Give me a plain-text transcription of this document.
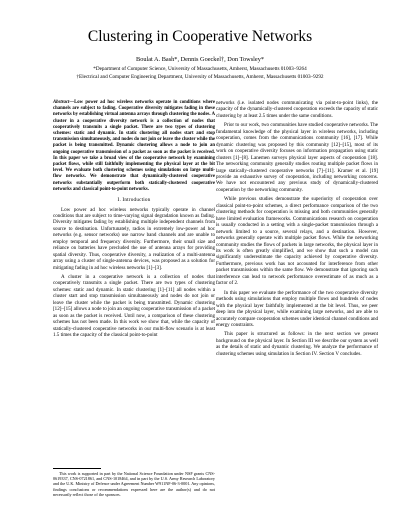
Clustering in Cooperative Networks
Boulat A. Bash*, Dennis Goeckel†, Don Towsley*
*Department of Computer Science, University of Massachusetts, Amherst, Massachusetts 01003–9264
†Electrical and Computer Engineering Department, University of Massachusetts, Amherst, Massachusetts 01003–9292
Abstract—Low power ad hoc wireless networks operate in conditions where channels are subject to fading. Cooperative diversity mitigates fading in these networks by establishing virtual antenna arrays through clustering the nodes. A cluster in a cooperative diversity network is a collection of nodes that cooperatively transmits a single packet. There are two types of clustering schemes: static and dynamic. In static clustering all nodes start and stop transmission simultaneously, and nodes do not join or leave the cluster while the packet is being transmitted. Dynamic clustering allows a node to join an ongoing cooperative transmission of a packet as soon as the packet is received. In this paper we take a broad view of the cooperative network by examining packet flows, while still faithfully implementing the physical layer at the bit level. We evaluate both clustering schemes using simulations on large multi-flow networks. We demonstrate that dynamically-clustered cooperative networks substantially outperform both statically-clustered cooperative networks and classical point-to-point networks.
I. Introduction

Low power ad hoc wireless networks typically operate in channel conditions that are subject to time-varying signal degradation known as fading. Diversity mitigates fading by establishing multiple independent channels from source to destination. Unfortunately, radios in extremely low-power ad hoc networks (e.g. sensor networks) use narrow band channels and are unable to employ temporal and frequency diversity. Furthermore, their small size and reliance on batteries have precluded the use of antenna arrays for providing spatial diversity. Thus, cooperative diversity, a realization of a multi-antenna array using a cluster of single-antenna devices, was proposed as a solution for mitigating fading in ad hoc wireless networks [1]–[3].

A cluster in a cooperative network is a collection of nodes that cooperatively transmits a single packet. There are two types of clustering schemes: static and dynamic. In static clustering [1]–[11] all nodes within a cluster start and stop transmission simultaneously and nodes do not join or leave the cluster while the packet is being transmitted. Dynamic clustering [12]–[15] allows a node to join an ongoing cooperative transmission of a packet as soon as the packet is received. Until now, a comparison of these clustering schemes has not been made. In this work we show that, while the capacity of statically-clustered cooperative networks in our multi-flow scenario is at least 1.5 times the capacity of the classical point-to-point

networks (i.e. isolated nodes communicating via point-to-point links), the capacity of the dynamically-clustered cooperation exceeds the capacity of static clustering by at least 2.5 times under the same conditions.

Prior to our work, two communities have studied cooperative networks. The fundamental knowledge of the physical layer in wireless networks, including cooperation, comes from the communications community [16], [17]. While dynamic clustering was proposed by this community [12]–[15], most of its work on cooperative diversity focuses on information propagation using static clusters [1]–[8]. Lanemen surveys physical layer aspects of cooperation [18]. The networking community generally studies routing multiple packet flows in large statically-clustered cooperative networks [7]–[11]. Kramer et al. [19] provide an exhaustive survey of cooperation, including networking concerns. We have not encountered any previous study of dynamically-clustered cooperation by the networking community.

While previous studies demonstrate the superiority of cooperation over classical point-to-point schemes, a direct performance comparison of the two clustering methods for cooperation is missing and both communities generally have limited evaluation frameworks. Communications research on cooperation is usually conducted in a setting with a single-packet transmission through a network limited to a source, several relays, and a destination. However, networks generally operate with multiple packet flows. While the networking community studies the flows of packets in large networks, the physical layer in its work is often greatly simplified, and we show that such a model can significantly underestimate the capacity achieved by cooperative diversity. Furthermore, previous work has not accounted for interference from other packet transmissions within the same flow. We demonstrate that ignoring such interference can lead to network performance overestimate of as much as a factor of 2.

In this paper we evaluate the performance of the two cooperative diversity methods using simulations that employ multiple flows and hundreds of nodes with the physical layer faithfully implemented at the bit level. Thus, we peer deep into the physical layer, while examining large networks, and are able to accurately compare cooperation schemes under identical channel conditions and energy constraints.

This paper is structured as follows: in the next section we present background on the physical layer. In Section III we describe our system as well as the details of static and dynamic clustering. We analyze the performance of clustering schemes using simulation in Section IV. Section V concludes.

This work is supported in part by the National Science Foundation under NSF grants CNS-0619337, CNS-0721861, and CNS-1018464, and in part by the U.S. Army Research Laboratory and the U.K. Ministry of Defence under Agreement Number W911NF-06-3-0001. Any opinions, findings conclusions or recommendations expressed here are the author(s) and do not necessarily reflect those of the sponsors.
